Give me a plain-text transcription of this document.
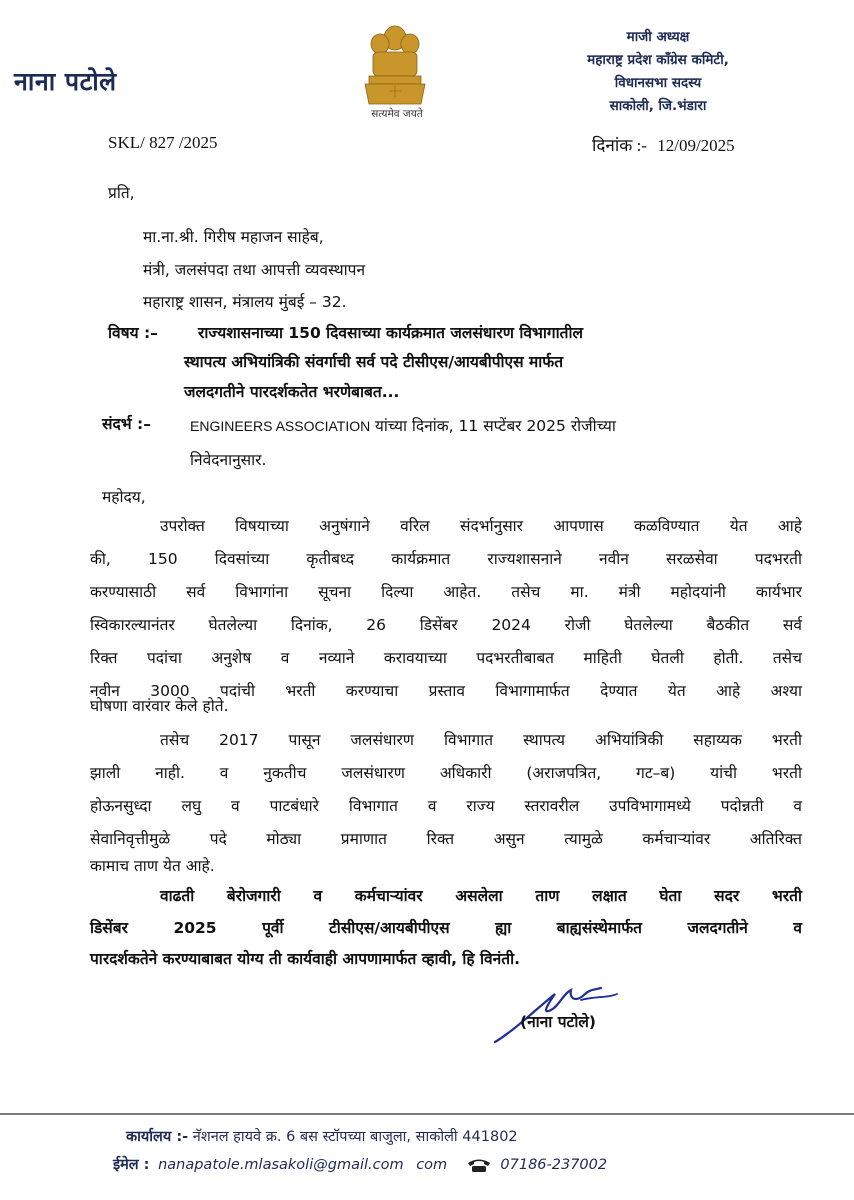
नाना पटोले
सत्यमेव जयते
माजी अध्यक्ष
महाराष्ट्र प्रदेश काँग्रेस कमिटी,
विधानसभा सदस्य
साकोली, जि.भंडारा
SKL/ 827 /2025	दिनांक :- 12/09/2025
प्रति,
मा.ना.श्री. गिरीष महाजन साहेब,
मंत्री, जलसंपदा तथा आपत्ती व्यवस्थापन
महाराष्ट्र शासन, मंत्रालय मुंबई – 32.
विषय :–	राज्यशासनाच्या 150 दिवसाच्या कार्यक्रमात जलसंधारण विभागातील
स्थापत्य अभियांत्रिकी संवर्गाची सर्व पदे टीसीएस/आयबीपीएस मार्फत
जलदगतीने पारदर्शकतेत भरणेबाबत...
संदर्भ :–	ENGINEERS ASSOCIATION यांच्या दिनांक, 11 सप्टेंबर 2025 रोजीच्या
निवेदनानुसार.
महोदय,
उपरोक्त विषयाच्या अनुषंगाने वरिल संदर्भानुसार आपणास कळविण्यात येत आहे
की, 150 दिवसांच्या कृतीबध्द कार्यक्रमात राज्यशासनाने नवीन सरळसेवा पदभरती
करण्यासाठी सर्व विभागांना सूचना दिल्या आहेत. तसेच मा. मंत्री महोदयांनी कार्यभार
स्विकारल्यानंतर घेतलेल्या दिनांक, 26 डिसेंबर 2024 रोजी घेतलेल्या बैठकीत सर्व
रिक्त पदांचा अनुशेष व नव्याने करावयाच्या पदभरतीबाबत माहिती घेतली होती. तसेच
नवीन 3000 पदांची भरती करण्याचा प्रस्ताव विभागामार्फत देण्यात येत आहे अश्या
घोषणा वारंवार केले होते.
तसेच 2017 पासून जलसंधारण विभागात स्थापत्य अभियांत्रिकी सहाय्यक भरती
झाली नाही. व नुकतीच जलसंधारण अधिकारी (अराजपत्रित, गट–ब) यांची भरती
होऊनसुध्दा लघु व पाटबंधारे विभागात व राज्य स्तरावरील उपविभागामध्ये पदोन्नती व
सेवानिवृत्तीमुळे पदे मोठ्या प्रमाणात रिक्त असुन त्यामुळे कर्मचाऱ्यांवर अतिरिक्त
कामाच ताण येत आहे.
वाढती बेरोजगारी व कर्मचाऱ्यांवर असलेला ताण लक्षात घेता सदर भरती
डिसेंबर 2025 पूर्वी टीसीएस/आयबीपीएस ह्या बाह्यसंस्थेमार्फत जलदगतीने व
पारदर्शकतेने करण्याबाबत योग्य ती कार्यवाही आपणामार्फत व्हावी, हि विनंती.
(नाना पटोले)
कार्यालय :- नॅशनल हायवे क्र. 6 बस स्टॉपच्या बाजुला, साकोली 441802
ईमेल : nanapatole.mlasakoli@gmail.com com	07186-237002
